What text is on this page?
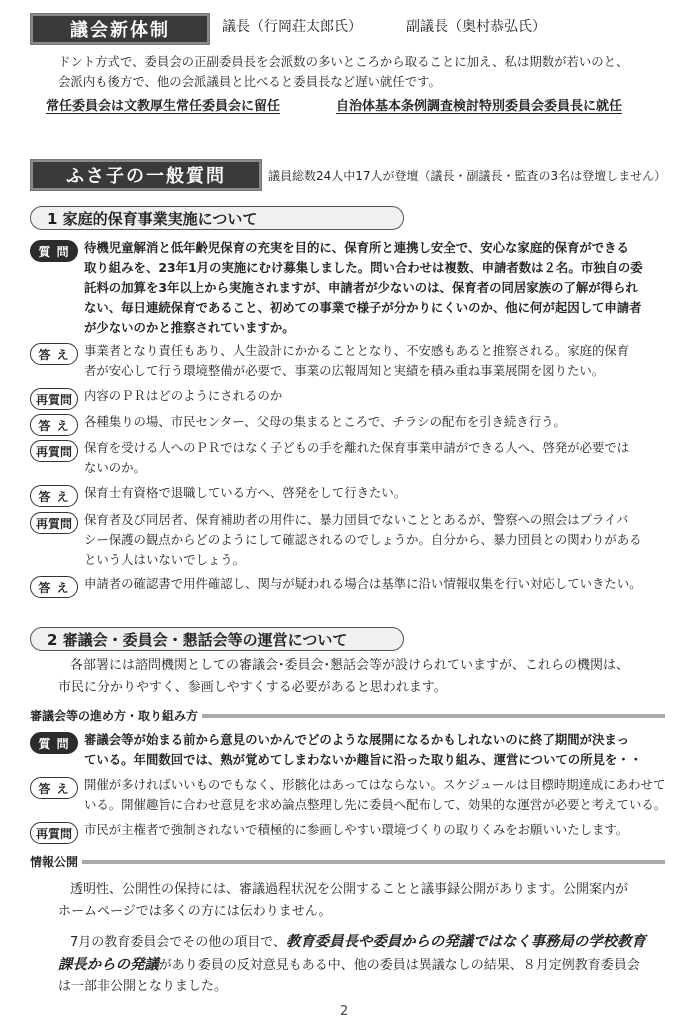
議会新体制	議長（行岡荘太郎氏）	副議長（奥村恭弘氏）
ドント方式で、委員会の正副委員長を会派数の多いところから取ることに加え、私は期数が若いのと、
会派内も後方で、他の会派議員と比べると委員長など遅い就任です。
常任委員会は文教厚生常任委員会に留任	自治体基本条例調査検討特別委員会委員長に就任
ふさ子の一般質問	議員総数24人中17人が登壇（議長・副議長・監査の3名は登壇しません）
1 家庭的保育事業実施について
質 問 待機児童解消と低年齢児保育の充実を目的に、保育所と連携し安全で、安心な家庭的保育ができる
取り組みを、23年1月の実施にむけ募集しました。問い合わせは複数、申請者数は２名。市独自の委
託料の加算を3年以上から実施されますが、申請者が少ないのは、保育者の同居家族の了解が得られ
ない、毎日連続保育であること、初めての事業で様子が分かりにくいのか、他に何が起因して申請者
が少ないのかと推察されていますか。
答 え 事業者となり責任もあり、人生設計にかかることとなり、不安感もあると推察される。家庭的保育
者が安心して行う環境整備が必要で、事業の広報周知と実績を積み重ね事業展開を図りたい。
再質問 内容のＰＲはどのようにされるのか
答 え 各種集りの場、市民センター、父母の集まるところで、チラシの配布を引き続き行う。
再質問 保育を受ける人へのＰＲではなく子どもの手を離れた保育事業申請ができる人へ、啓発が必要では
ないのか。
答 え 保育士有資格で退職している方へ、啓発をして行きたい。
再質問 保育者及び同居者、保育補助者の用件に、暴力団員でないこととあるが、警察への照会はプライバ
シー保護の観点からどのようにして確認されるのでしょうか。自分から、暴力団員との関わりがある
という人はいないでしょう。
答 え 申請者の確認書で用件確認し、関与が疑われる場合は基準に沿い情報収集を行い対応していきたい。
2 審議会・委員会・懇話会等の運営について
各部署には諮問機関としての審議会･委員会･懇話会等が設けられていますが、これらの機関は、
市民に分かりやすく、参画しやすくする必要があると思われます。
審議会等の進め方・取り組み方
質 問 審議会等が始まる前から意見のいかんでどのような展開になるかもしれないのに終了期間が決まっ
ている。年間数回では、熟が覚めてしまわないか趣旨に沿った取り組み、運営についての所見を・・
答 え 開催が多ければいいものでもなく、形骸化はあってはならない。スケジュールは目標時期達成にあわせて
いる。開催趣旨に合わせ意見を求め論点整理し先に委員へ配布して、効果的な運営が必要と考えている。
再質問 市民が主権者で強制されないで積極的に参画しやすい環境づくりの取りくみをお願いいたします。
情報公開
透明性、公開性の保持には、審議過程状況を公開することと議事録公開があります。公開案内が
ホームページでは多くの方には伝わりません。
7月の教育委員会でその他の項目で、教育委員長や委員からの発議ではなく事務局の学校教育
課長からの発議があり委員の反対意見もある中、他の委員は異議なしの結果、８月定例教育委員会
は一部非公開となりました。
2
